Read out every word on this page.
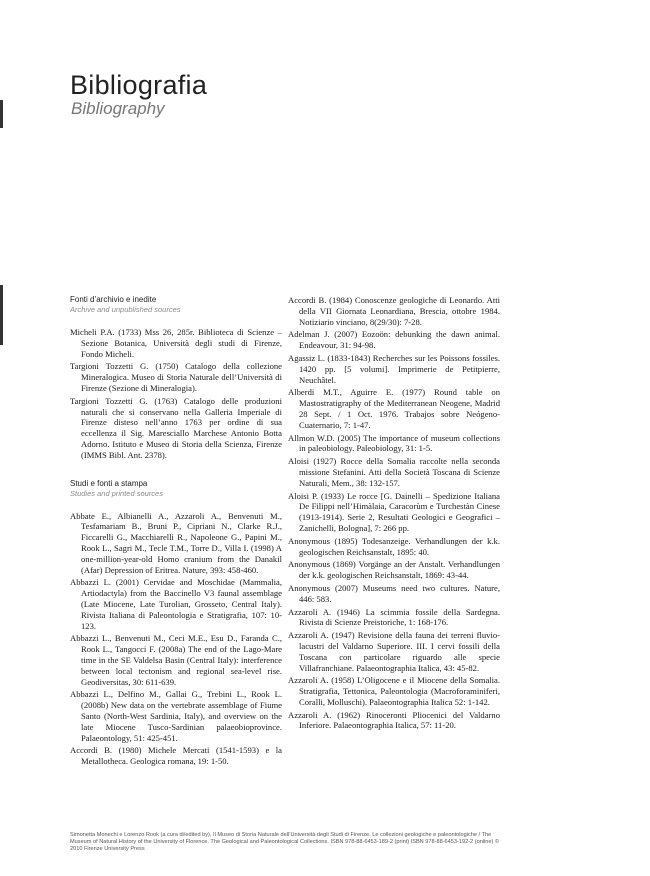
Bibliografia
Bibliography
Fonti d’archivio e inedite
Archive and unpublished sources

Micheli P.A. (1733) Mss 26, 285r. Biblioteca di Scienze – Sezione Botanica, Università degli studi di Firenze, Fondo Micheli.

Targioni Tozzetti G. (1750) Catalogo della collezione Mineralogica. Museo di Storia Naturale dell’Università di Firenze (Sezione di Mineralogia).

Targioni Tozzetti G. (1763) Catalogo delle produzioni naturali che si conservano nella Galleria Imperiale di Firenze disteso nell’anno 1763 per ordine di sua eccellenza il Sig. Maresciallo Marchese Antonio Botta Adorno. Istituto e Museo di Storia della Scienza, Firenze (IMMS Bibl. Ant. 2378).

Studi e fonti a stampa
Studies and printed sources

Abbate E., Albianelli A., Azzaroli A., Benvenuti M., Tesfamariam B., Bruni P., Cipriani N., Clarke R.J., Ficcarelli G., Macchiarelli R., Napoleone G., Papini M., Rook L., Sagri M., Tecle T.M., Torre D., Villa I. (1998) A one-million-year-old Homo cranium from the Danakil (Afar) Depression of Eritrea. Nature, 393: 458-460.

Abbazzi L. (2001) Cervidae and Moschidae (Mammalia, Artiodactyla) from the Baccinello V3 faunal assemblage (Late Miocene, Late Turolian, Grosseto, Central Italy). Rivista Italiana di Paleontologia e Stratigrafia, 107: 10-123.

Abbazzi L., Benvenuti M., Ceci M.E., Esu D., Faranda C., Rook L., Tangocci F. (2008a) The end of the Lago-Mare time in the SE Valdelsa Basin (Central Italy): interference between local tectonism and regional sea-level rise. Geodiversitas, 30: 611-639.

Abbazzi L., Delfino M., Gallai G., Trebini L., Rook L. (2008b) New data on the vertebrate assemblage of Fiume Santo (North-West Sardinia, Italy), and overview on the late Miocene Tusco-Sardinian palaeobioprovince. Palaeontology, 51: 425-451.

Accordi B. (1980) Michele Mercati (1541-1593) e la Metallotheca. Geologica romana, 19: 1-50.

Accordi B. (1984) Conoscenze geologiche di Leonardo. Atti della VII Giornata Leonardiana, Brescia, ottobre 1984. Notiziario vinciano, 8(29/30): 7-28.

Adelman J. (2007) Eozoön: debunking the dawn animal. Endeavour, 31: 94-98.

Agassiz L. (1833-1843) Recherches sur les Poissons fossiles. 1420 pp. [5 volumi]. Imprimerie de Petitpierre, Neuchâtel.

Alberdi M.T., Aguirre E. (1977) Round table on Mastostratigraphy of the Mediterranean Neogene, Madrid 28 Sept. / 1 Oct. 1976. Trabajos sobre Neógeno-Cuaternario, 7: 1-47.

Allmon W.D. (2005) The importance of museum collections in paleobiology. Paleobiology, 31: 1-5.

Aloisi (1927) Rocce della Somalia raccolte nella seconda missione Stefanini. Atti della Società Toscana di Scienze Naturali, Mem., 38: 132-157.

Aloisi P. (1933) Le rocce [G. Dainelli – Spedizione Italiana De Filippi nell’Himàlaia, Caracorùm e Turchestàn Cinese (1913-1914). Serie 2, Resultati Geologici e Geografici – Zanichelli, Bologna], 7: 266 pp.

Anonymous (1895) Todesanzeige. Verhandlungen der k.k. geologischen Reichsanstalt, 1895: 40.

Anonymous (1869) Vorgänge an der Anstalt. Verhandlungen der k.k. geologischen Reichsanstalt, 1869: 43-44.

Anonymous (2007) Museums need two cultures. Nature, 446: 583.

Azzaroli A. (1946) La scimmia fossile della Sardegna. Rivista di Scienze Preistoriche, 1: 168-176.

Azzaroli A. (1947) Revisione della fauna dei terreni fluvio-lacustri del Valdarno Superiore. III. I cervi fossili della Toscana con particolare riguardo alle specie Villafranchiane. Palaeontographia Italica, 43: 45-82.

Azzaroli A. (1958) L’Oligocene e il Miocene della Somalia. Stratigrafia, Tettonica, Paleontologia (Macroforaminiferi, Coralli, Molluschi). Palaeontographia Italica 52: 1-142.

Azzaroli A. (1962) Rinoceronti Pliocenici del Valdarno Inferiore. Palaeontographia Italica, 57: 11-20.

Simonetta Monechi e Lorenzo Rook (a cura di/edited by), Il Museo di Storia Naturale dell’Università degli Studi di Firenze. Le collezioni geologiche e paleontologiche / The Museum of Natural History of the University of Florence. The Geological and Paleontological Collections. ISBN 978-88-6453-189-2 (print) ISBN 978-88-6453-192-2 (online) © 2010 Firenze University Press
